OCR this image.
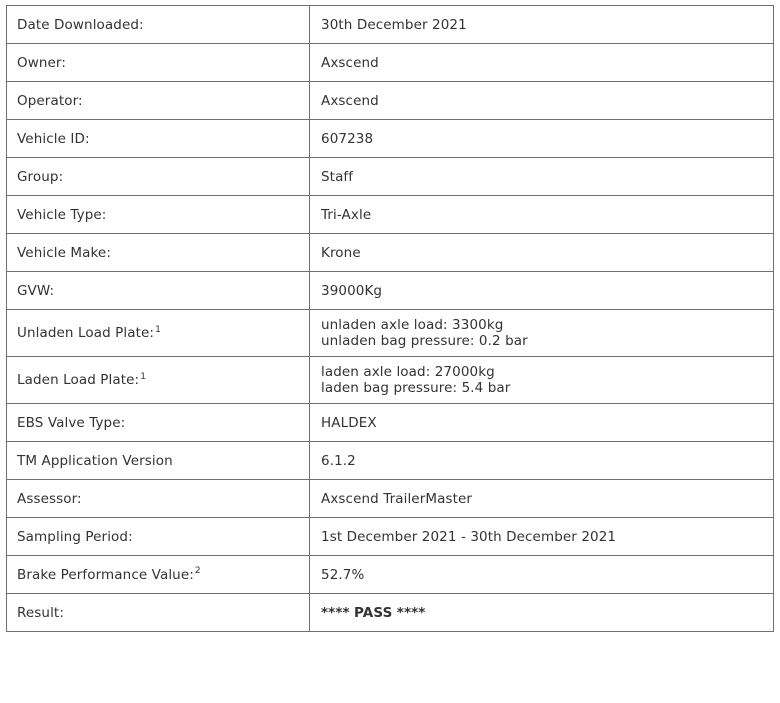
Date Downloaded:	30th December 2021
Owner:	Axscend
Operator:	Axscend
Vehicle ID:	607238
Group:	Staff
Vehicle Type:	Tri-Axle
Vehicle Make:	Krone
GVW:	39000Kg
Unladen Load Plate:$^1$	unladen axle load: 3300kg
unladen bag pressure: 0.2 bar

Laden Load Plate:$^1$	laden axle load: 27000kg
laden bag pressure: 5.4 bar

EBS Valve Type:	HALDEX
TM Application Version	6.1.2
Assessor:	Axscend TrailerMaster
Sampling Period:	1st December 2021 - 30th December 2021
Brake Performance Value:$^2$	52.7%
Result:	**** PASS ****
